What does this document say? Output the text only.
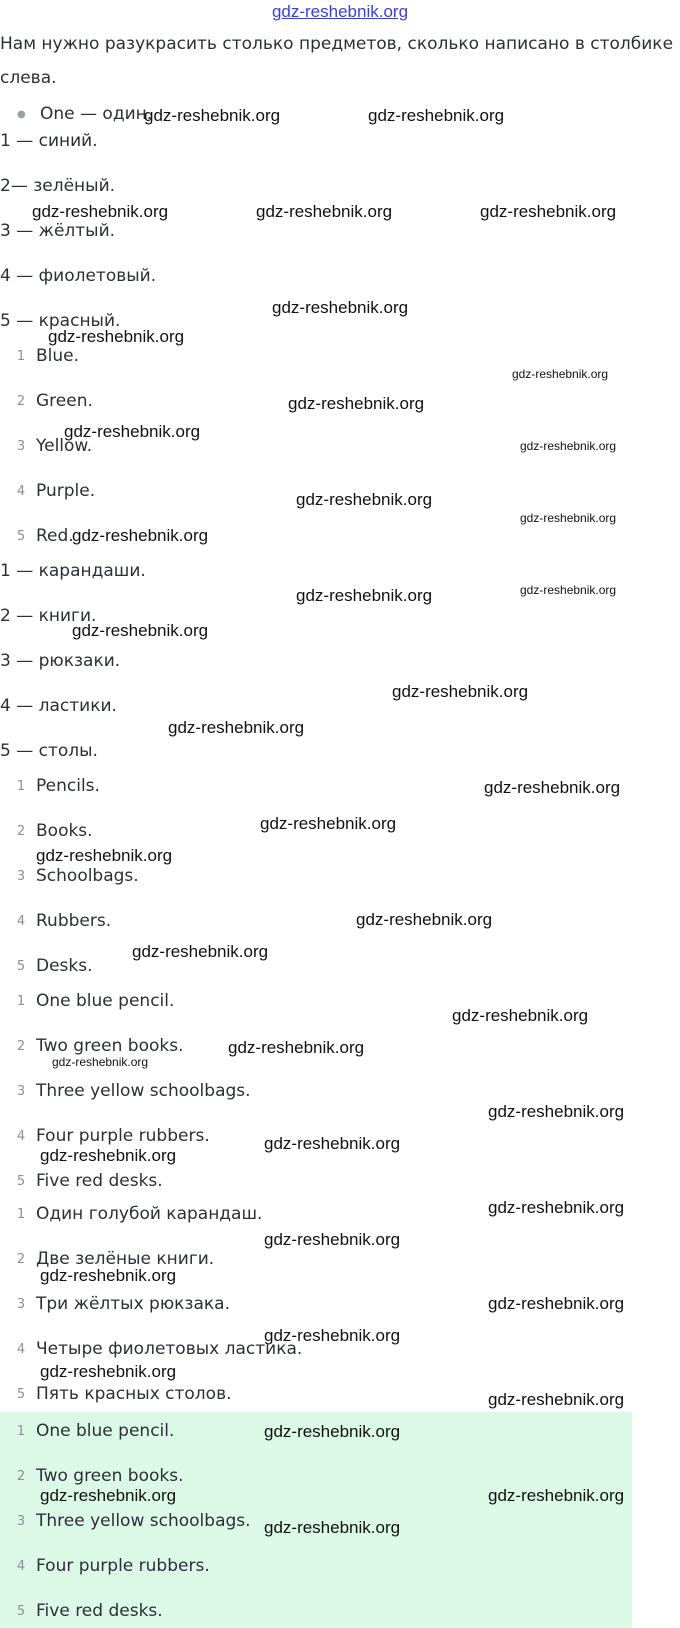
gdz-reshebnik.org
Нам нужно разукрасить столько предметов, сколько написано в столбике
слева.
● One — один.
1 — синий.
2— зелёный.
3 — жёлтый.
4 — фиолетовый.
5 — красный.
1 Blue.
2 Green.
3 Yellow.
4 Purple.
5 Red.
1 — карандаши.
2 — книги.
3 — рюкзаки.
4 — ластики.
5 — столы.
1 Pencils.
2 Books.
3 Schoolbags.
4 Rubbers.
5 Desks.
1 One blue pencil.
2 Two green books.
3 Three yellow schoolbags.
4 Four purple rubbers.
5 Five red desks.
1 Один голубой карандаш.
2 Две зелёные книги.
3 Три жёлтых рюкзака.
4 Четыре фиолетовых ластика.
5 Пять красных столов.
1 One blue pencil.
2 Two green books.
3 Three yellow schoolbags.
4 Four purple rubbers.
5 Five red desks.
gdz-reshebnik.org	gdz-reshebnik.org
gdz-reshebnik.org	gdz-reshebnik.org	gdz-reshebnik.org
gdz-reshebnik.org
gdz-reshebnik.org
gdz-reshebnik.org
gdz-reshebnik.org
gdz-reshebnik.org
gdz-reshebnik.org
gdz-reshebnik.org
gdz-reshebnik.org
gdz-reshebnik.org
gdz-reshebnik.org	gdz-reshebnik.org
gdz-reshebnik.org
gdz-reshebnik.org
gdz-reshebnik.org
gdz-reshebnik.org
gdz-reshebnik.org
gdz-reshebnik.org
gdz-reshebnik.org
gdz-reshebnik.org
gdz-reshebnik.org
gdz-reshebnik.org
gdz-reshebnik.org
gdz-reshebnik.org
gdz-reshebnik.org
gdz-reshebnik.org
gdz-reshebnik.org
gdz-reshebnik.org
gdz-reshebnik.org
gdz-reshebnik.org
gdz-reshebnik.org
gdz-reshebnik.org
gdz-reshebnik.org
gdz-reshebnik.org
gdz-reshebnik.org	gdz-reshebnik.org
gdz-reshebnik.org
